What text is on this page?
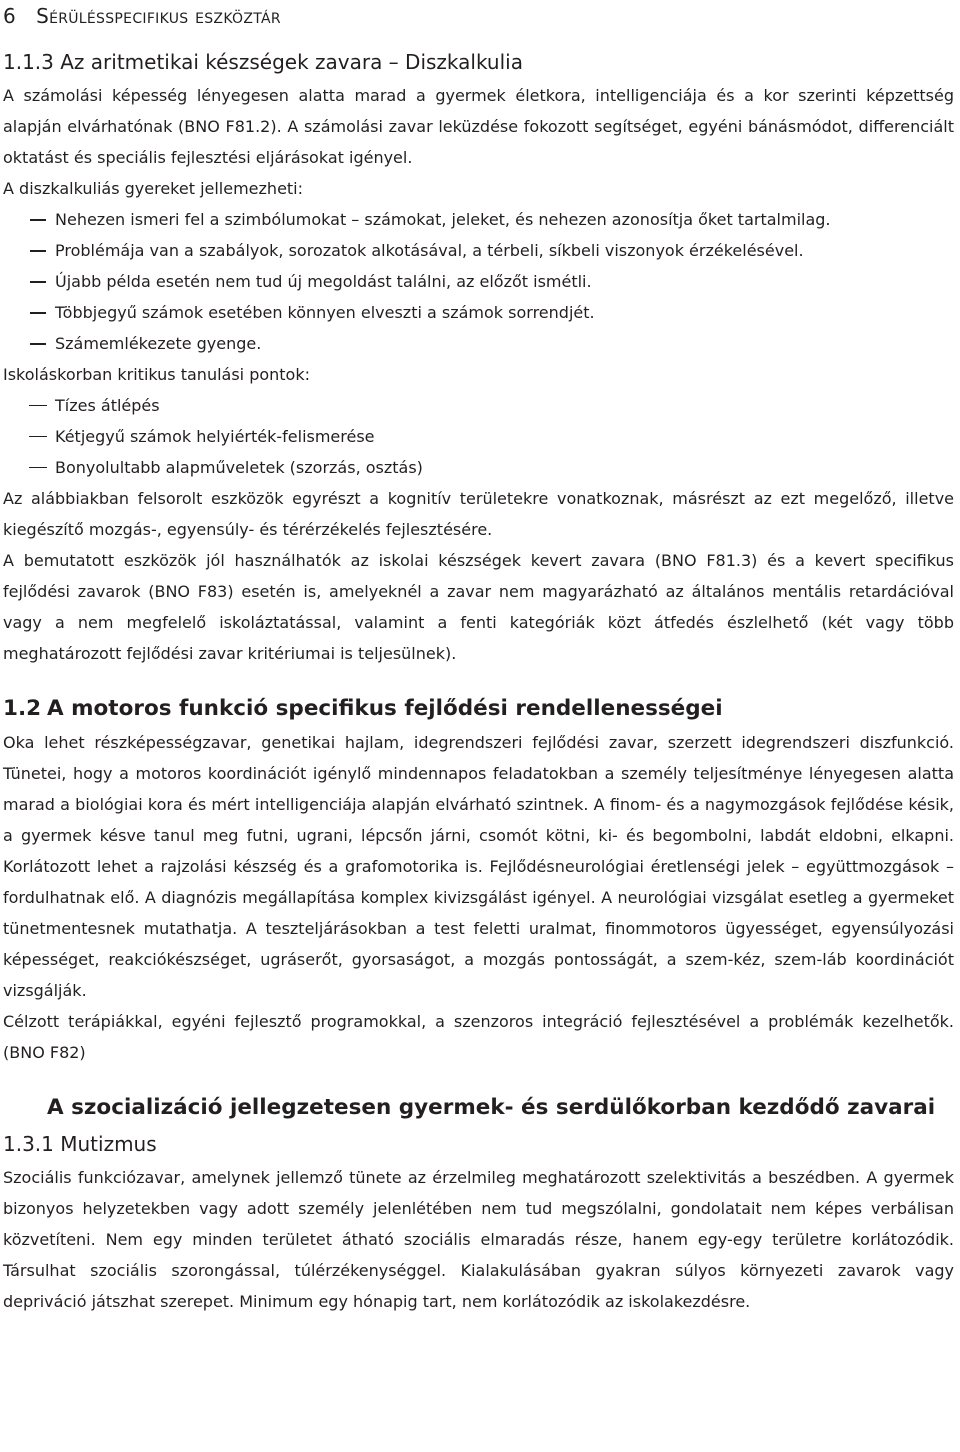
6 Sérülésspecifikus eszköztár
1.1.3 Az aritmetikai készségek zavara – Diszkalkulia

A számolási képesség lényegesen alatta marad a gyermek életkora, intelligenciája és a kor szerinti képzettség alapján elvárhatónak (BNO F81.2). A számolási zavar leküzdése fokozott segítséget, egyéni bánásmódot, differenciált oktatást és speciális fejlesztési eljárásokat igényel.

A diszkalkuliás gyereket jellemezheti:

Nehezen ismeri fel a szimbólumokat – számokat, jeleket, és nehezen azonosítja őket tartalmilag.
Problémája van a szabályok, sorozatok alkotásával, a térbeli, síkbeli viszonyok érzékelésével.
Újabb példa esetén nem tud új megoldást találni, az előzőt ismétli.
Többjegyű számok esetében könnyen elveszti a számok sorrendjét.
Számemlékezete gyenge.

Iskoláskorban kritikus tanulási pontok:

Tízes átlépés
Kétjegyű számok helyiérték-felismerése
Bonyolultabb alapműveletek (szorzás, osztás)

Az alábbiakban felsorolt eszközök egyrészt a kognitív területekre vonatkoznak, másrészt az ezt megelőző, illetve kiegészítő mozgás-, egyensúly- és térérzékelés fejlesztésére.

A bemutatott eszközök jól használhatók az iskolai készségek kevert zavara (BNO F81.3) és a kevert specifikus fejlődési zavarok (BNO F83) esetén is, amelyeknél a zavar nem magyarázható az általános mentális retardációval vagy a nem megfelelő iskoláztatással, valamint a fenti kategóriák közt átfedés észlelhető (két vagy több meghatározott fejlődési zavar kritériumai is teljesülnek).

1.2 A motoros funkció specifikus fejlődési rendellenességei

Oka lehet részképességzavar, genetikai hajlam, idegrendszeri fejlődési zavar, szerzett idegrendszeri diszfunkció. Tünetei, hogy a motoros koordinációt igénylő mindennapos feladatokban a személy teljesítménye lényegesen alatta marad a biológiai kora és mért intelligenciája alapján elvárható szintnek. A finom- és a nagymozgások fejlődése késik, a gyermek késve tanul meg futni, ugrani, lépcsőn járni, csomót kötni, ki- és begombolni, labdát eldobni, elkapni. Korlátozott lehet a rajzolási készség és a grafomotorika is. Fejlődésneurológiai éretlenségi jelek – együttmozgások – fordulhatnak elő. A diagnózis megállapítása komplex kivizsgálást igényel. A neurológiai vizsgálat esetleg a gyermeket tünetmentesnek mutathatja. A teszteljárásokban a test feletti uralmat, finommotoros ügyességet, egyensúlyozási képességet, reakciókészséget, ugráserőt, gyorsaságot, a mozgás pontosságát, a szem-kéz, szem-láb koordinációt vizsgálják.

Célzott terápiákkal, egyéni fejlesztő programokkal, a szenzoros integráció fejlesztésével a problémák kezelhetők. (BNO F82)

A szocializáció jellegzetesen gyermek- és serdülőkorban kezdődő zavarai
1.3.1 Mutizmus

Szociális funkciózavar, amelynek jellemző tünete az érzelmileg meghatározott szelektivitás a beszédben. A gyermek bizonyos helyzetekben vagy adott személy jelenlétében nem tud megszólalni, gondolatait nem képes verbálisan közvetíteni. Nem egy minden területet átható szociális elmaradás része, hanem egy-egy területre korlátozódik. Társulhat szociális szorongással, túlérzékenységgel. Kialakulásában gyakran súlyos környezeti zavarok vagy depriváció játszhat szerepet. Minimum egy hónapig tart, nem korlátozódik az iskolakezdésre.
